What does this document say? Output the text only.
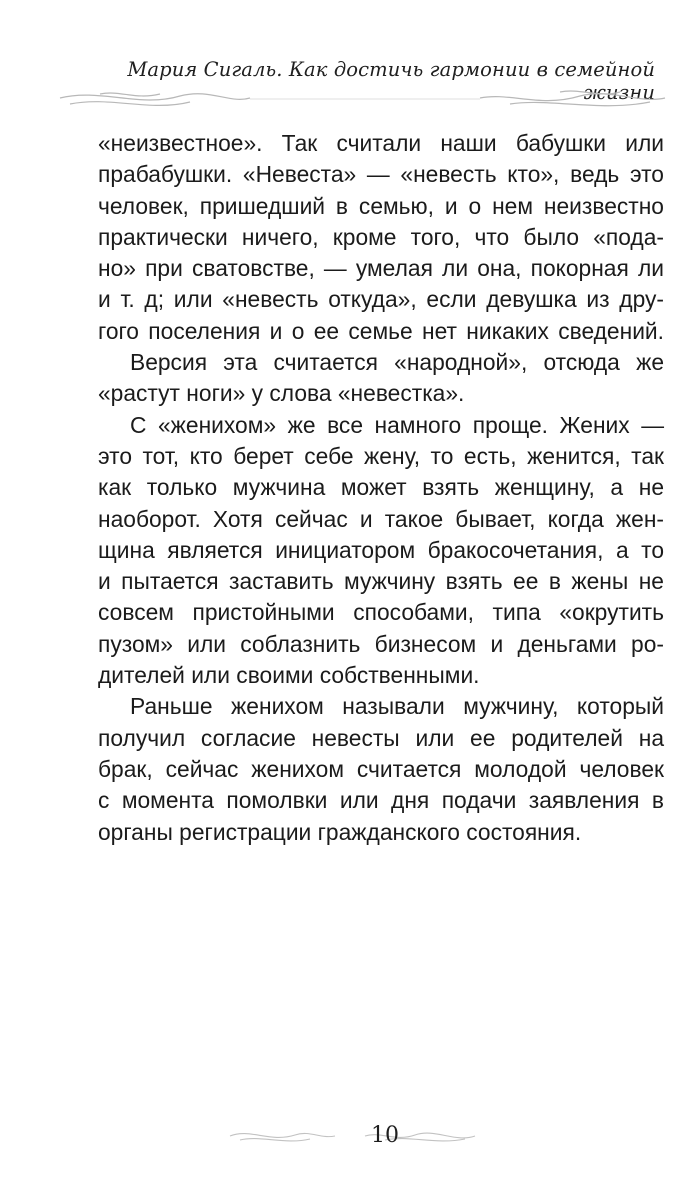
Мария Сигаль. Как достичь гармонии в семейной жизни

«неизвестное». Так считали наши бабушки или
прабабушки. «Невеста» — «невесть кто», ведь это
человек, пришедший в семью, и о нем неизвестно
практически ничего, кроме того, что было «пода-
но» при сватовстве, — умелая ли она, покорная ли
и т. д; или «невесть откуда», если девушка из дру-
гого поселения и о ее семье нет никаких сведений.

Версия эта считается «народной», отсюда же
«растут ноги» у слова «невестка».

С «женихом» же все намного проще. Жених —
это тот, кто берет себе жену, то есть, женится, так
как только мужчина может взять женщину, а не
наоборот. Хотя сейчас и такое бывает, когда жен-
щина является инициатором бракосочетания, а то
и пытается заставить мужчину взять ее в жены не
совсем пристойными способами, типа «окрутить
пузом» или соблазнить бизнесом и деньгами ро-
дителей или своими собственными.

Раньше женихом называли мужчину, который
получил согласие невесты или ее родителей на
брак, сейчас женихом считается молодой человек
с момента помолвки или дня подачи заявления в
органы регистрации гражданского состояния.

10
